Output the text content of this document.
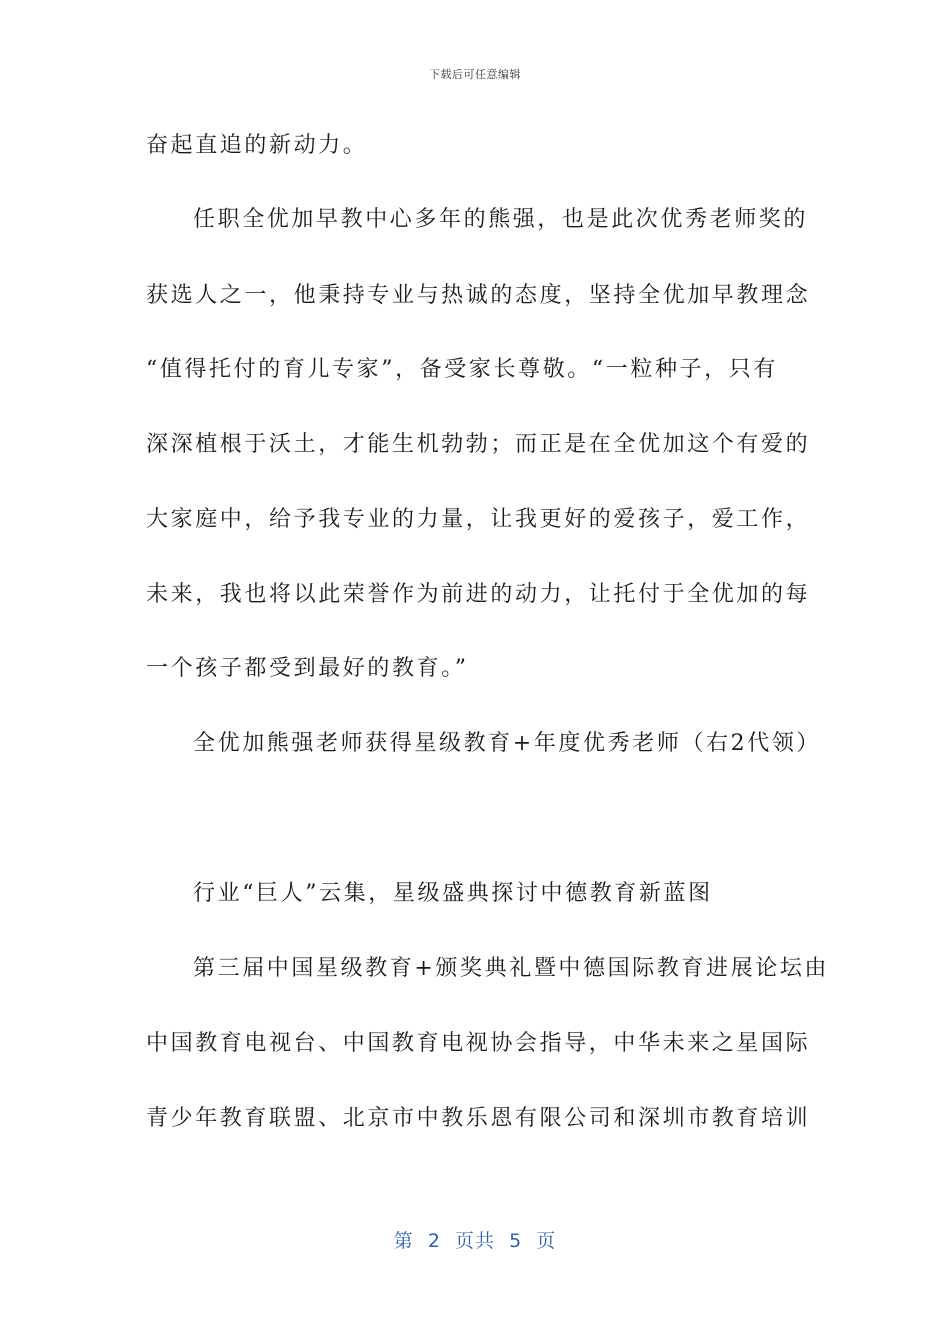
下载后可任意编辑
奋起直追的新动力。
任职全优加早教中心多年的熊强，也是此次优秀老师奖的
获选人之一，他秉持专业与热诚的态度，坚持全优加早教理念
“值得托付的育儿专家”，备受家长尊敬。“一粒种子，只有
深深植根于沃土，才能生机勃勃；而正是在全优加这个有爱的
大家庭中，给予我专业的力量，让我更好的爱孩子，爱工作，
未来，我也将以此荣誉作为前进的动力，让托付于全优加的每
一个孩子都受到最好的教育。”
全优加熊强老师获得星级教育+年度优秀老师（右2代领）
行业“巨人”云集，星级盛典探讨中德教育新蓝图
第三届中国星级教育+颁奖典礼暨中德国际教育进展论坛由
中国教育电视台、中国教育电视协会指导，中华未来之星国际
青少年教育联盟、北京市中教乐恩有限公司和深圳市教育培训
第  2  页共  5  页
